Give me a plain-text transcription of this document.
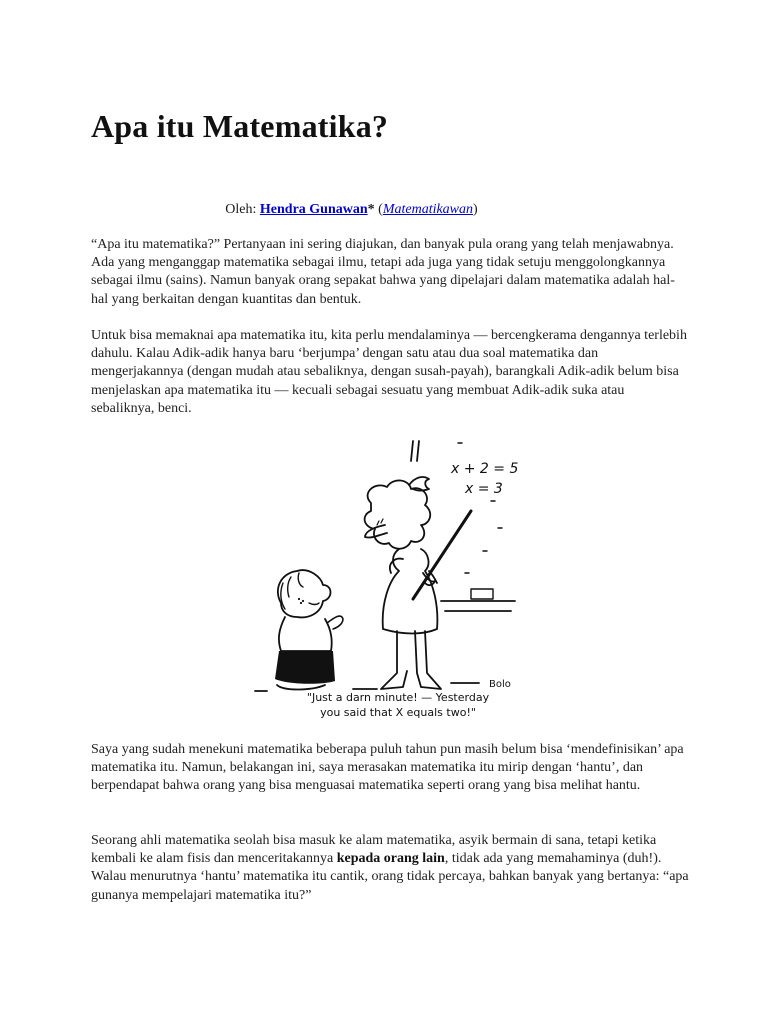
Apa itu Matematika?
Oleh: Hendra Gunawan* (Matematikawan)

“Apa itu matematika?” Pertanyaan ini sering diajukan, dan banyak pula orang yang telah menjawabnya. Ada yang menganggap matematika sebagai ilmu, tetapi ada juga yang tidak setuju menggolongkannya sebagai ilmu (sains). Namun banyak orang sepakat bahwa yang dipelajari dalam matematika adalah hal-hal yang berkaitan dengan kuantitas dan bentuk.

Untuk bisa memaknai apa matematika itu, kita perlu mendalaminya — bercengkerama dengannya terlebih dahulu. Kalau Adik-adik hanya baru ‘berjumpa’ dengan satu atau dua soal matematika dan mengerjakannya (dengan mudah atau sebaliknya, dengan susah-payah), barangkali Adik-adik belum bisa menjelaskan apa matematika itu — kecuali sebagai sesuatu yang membuat Adik-adik suka atau sebaliknya, benci.

x + 2 = 5
x = 3
Bolo
"Just a darn minute! — Yesterday
you said that X equals two!"

Saya yang sudah menekuni matematika beberapa puluh tahun pun masih belum bisa ‘mendefinisikan’ apa matematika itu. Namun, belakangan ini, saya merasakan matematika itu mirip dengan ‘hantu’, dan berpendapat bahwa orang yang bisa menguasai matematika seperti orang yang bisa melihat hantu.

Seorang ahli matematika seolah bisa masuk ke alam matematika, asyik bermain di sana, tetapi ketika kembali ke alam fisis dan menceritakannya kepada orang lain, tidak ada yang memahaminya (duh!). Walau menurutnya ‘hantu’ matematika itu cantik, orang tidak percaya, bahkan banyak yang bertanya: “apa gunanya mempelajari matematika itu?”
